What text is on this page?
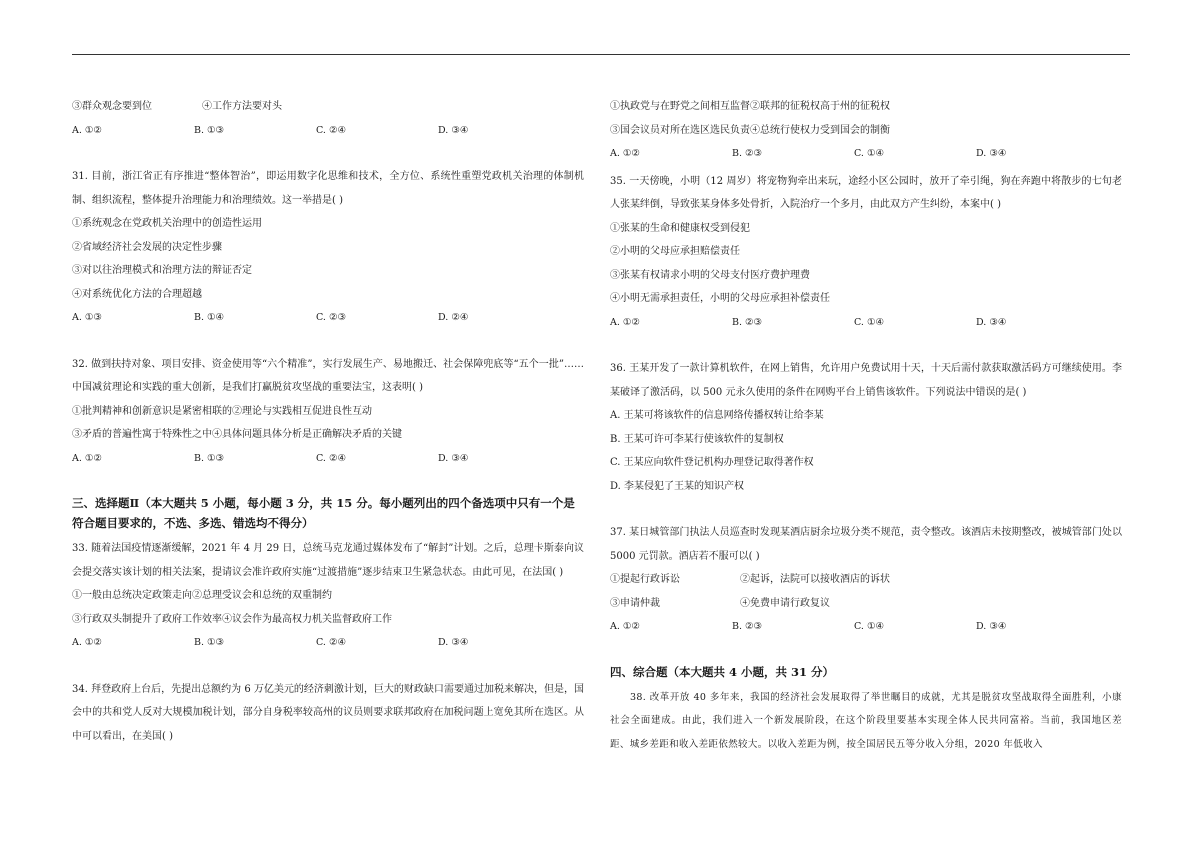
③群众观念要到位	④工作方法要对头
A. ①②	B. ①③	C. ②④	D. ③④
31. 目前，浙江省正有序推进“整体智治”，即运用数字化思维和技术，全方位、系统性重塑党政机关治理的体制机制、组织流程，整体提升治理能力和治理绩效。这一举措是( )
①系统观念在党政机关治理中的创造性运用
②省域经济社会发展的决定性步骤
③对以往治理模式和治理方法的辩证否定
④对系统优化方法的合理超越
A. ①③	B. ①④	C. ②③	D. ②④
32. 做到扶持对象、项目安排、资金使用等“六个精准”，实行发展生产、易地搬迁、社会保障兜底等“五个一批”……中国减贫理论和实践的重大创新，是我们打赢脱贫攻坚战的重要法宝，这表明( )
①批判精神和创新意识是紧密相联的②理论与实践相互促进良性互动
③矛盾的普遍性寓于特殊性之中④具体问题具体分析是正确解决矛盾的关键
A. ①②	B. ①③	C. ②④	D. ③④
三、选择题Ⅱ（本大题共 5 小题，每小题 3 分，共 15 分。每小题列出的四个备选项中只有一个是符合题目要求的，不选、多选、错选均不得分）
33. 随着法国疫情逐渐缓解，2021 年 4 月 29 日，总统马克龙通过媒体发布了“解封”计划。之后，总理卡斯泰向议会提交落实该计划的相关法案，提请议会准许政府实施“过渡措施”逐步结束卫生紧急状态。由此可见，在法国( )
①一般由总统决定政策走向②总理受议会和总统的双重制约
③行政双头制提升了政府工作效率④议会作为最高权力机关监督政府工作
A. ①②	B. ①③	C. ②④	D. ③④
34. 拜登政府上台后，先提出总额约为 6 万亿美元的经济刺激计划，巨大的财政缺口需要通过加税来解决，但是，国会中的共和党人反对大规模加税计划，部分自身税率较高州的议员则要求联邦政府在加税问题上宽免其所在选区。从中可以看出，在美国( )
①执政党与在野党之间相互监督②联邦的征税权高于州的征税权
③国会议员对所在选区选民负责④总统行使权力受到国会的制衡
A. ①②	B. ②③	C. ①④	D. ③④
35. 一天傍晚，小明（12 周岁）将宠物狗牵出来玩，途经小区公园时，放开了牵引绳，狗在奔跑中将散步的七旬老人张某绊倒，导致张某身体多处骨折，入院治疗一个多月，由此双方产生纠纷，本案中( )
①张某的生命和健康权受到侵犯
②小明的父母应承担赔偿责任
③张某有权请求小明的父母支付医疗费护理费
④小明无需承担责任，小明的父母应承担补偿责任
A. ①②	B. ②③	C. ①④	D. ③④
36. 王某开发了一款计算机软件，在网上销售，允许用户免费试用十天，十天后需付款获取激活码方可继续使用。李某破译了激活码，以 500 元永久使用的条件在网购平台上销售该软件。下列说法中错误的是( )
A. 王某可将该软件的信息网络传播权转让给李某
B. 王某可许可李某行使该软件的复制权
C. 王某应向软件登记机构办理登记取得著作权
D. 李某侵犯了王某的知识产权
37. 某日城管部门执法人员巡查时发现某酒店厨余垃圾分类不规范，责令整改。该酒店未按期整改，被城管部门处以 5000 元罚款。酒店若不服可以( )
①提起行政诉讼	②起诉，法院可以接收酒店的诉状
③申请仲裁	④免费申请行政复议
A. ①②	B. ②③	C. ①④	D. ③④
四、综合题（本大题共 4 小题，共 31 分）
38. 改革开放 40 多年来，我国的经济社会发展取得了举世瞩目的成就，尤其是脱贫攻坚战取得全面胜利，小康社会全面建成。由此，我们进入一个新发展阶段，在这个阶段里要基本实现全体人民共同富裕。当前，我国地区差距、城乡差距和收入差距依然较大。以收入差距为例，按全国居民五等分收入分组，2020 年低收入
